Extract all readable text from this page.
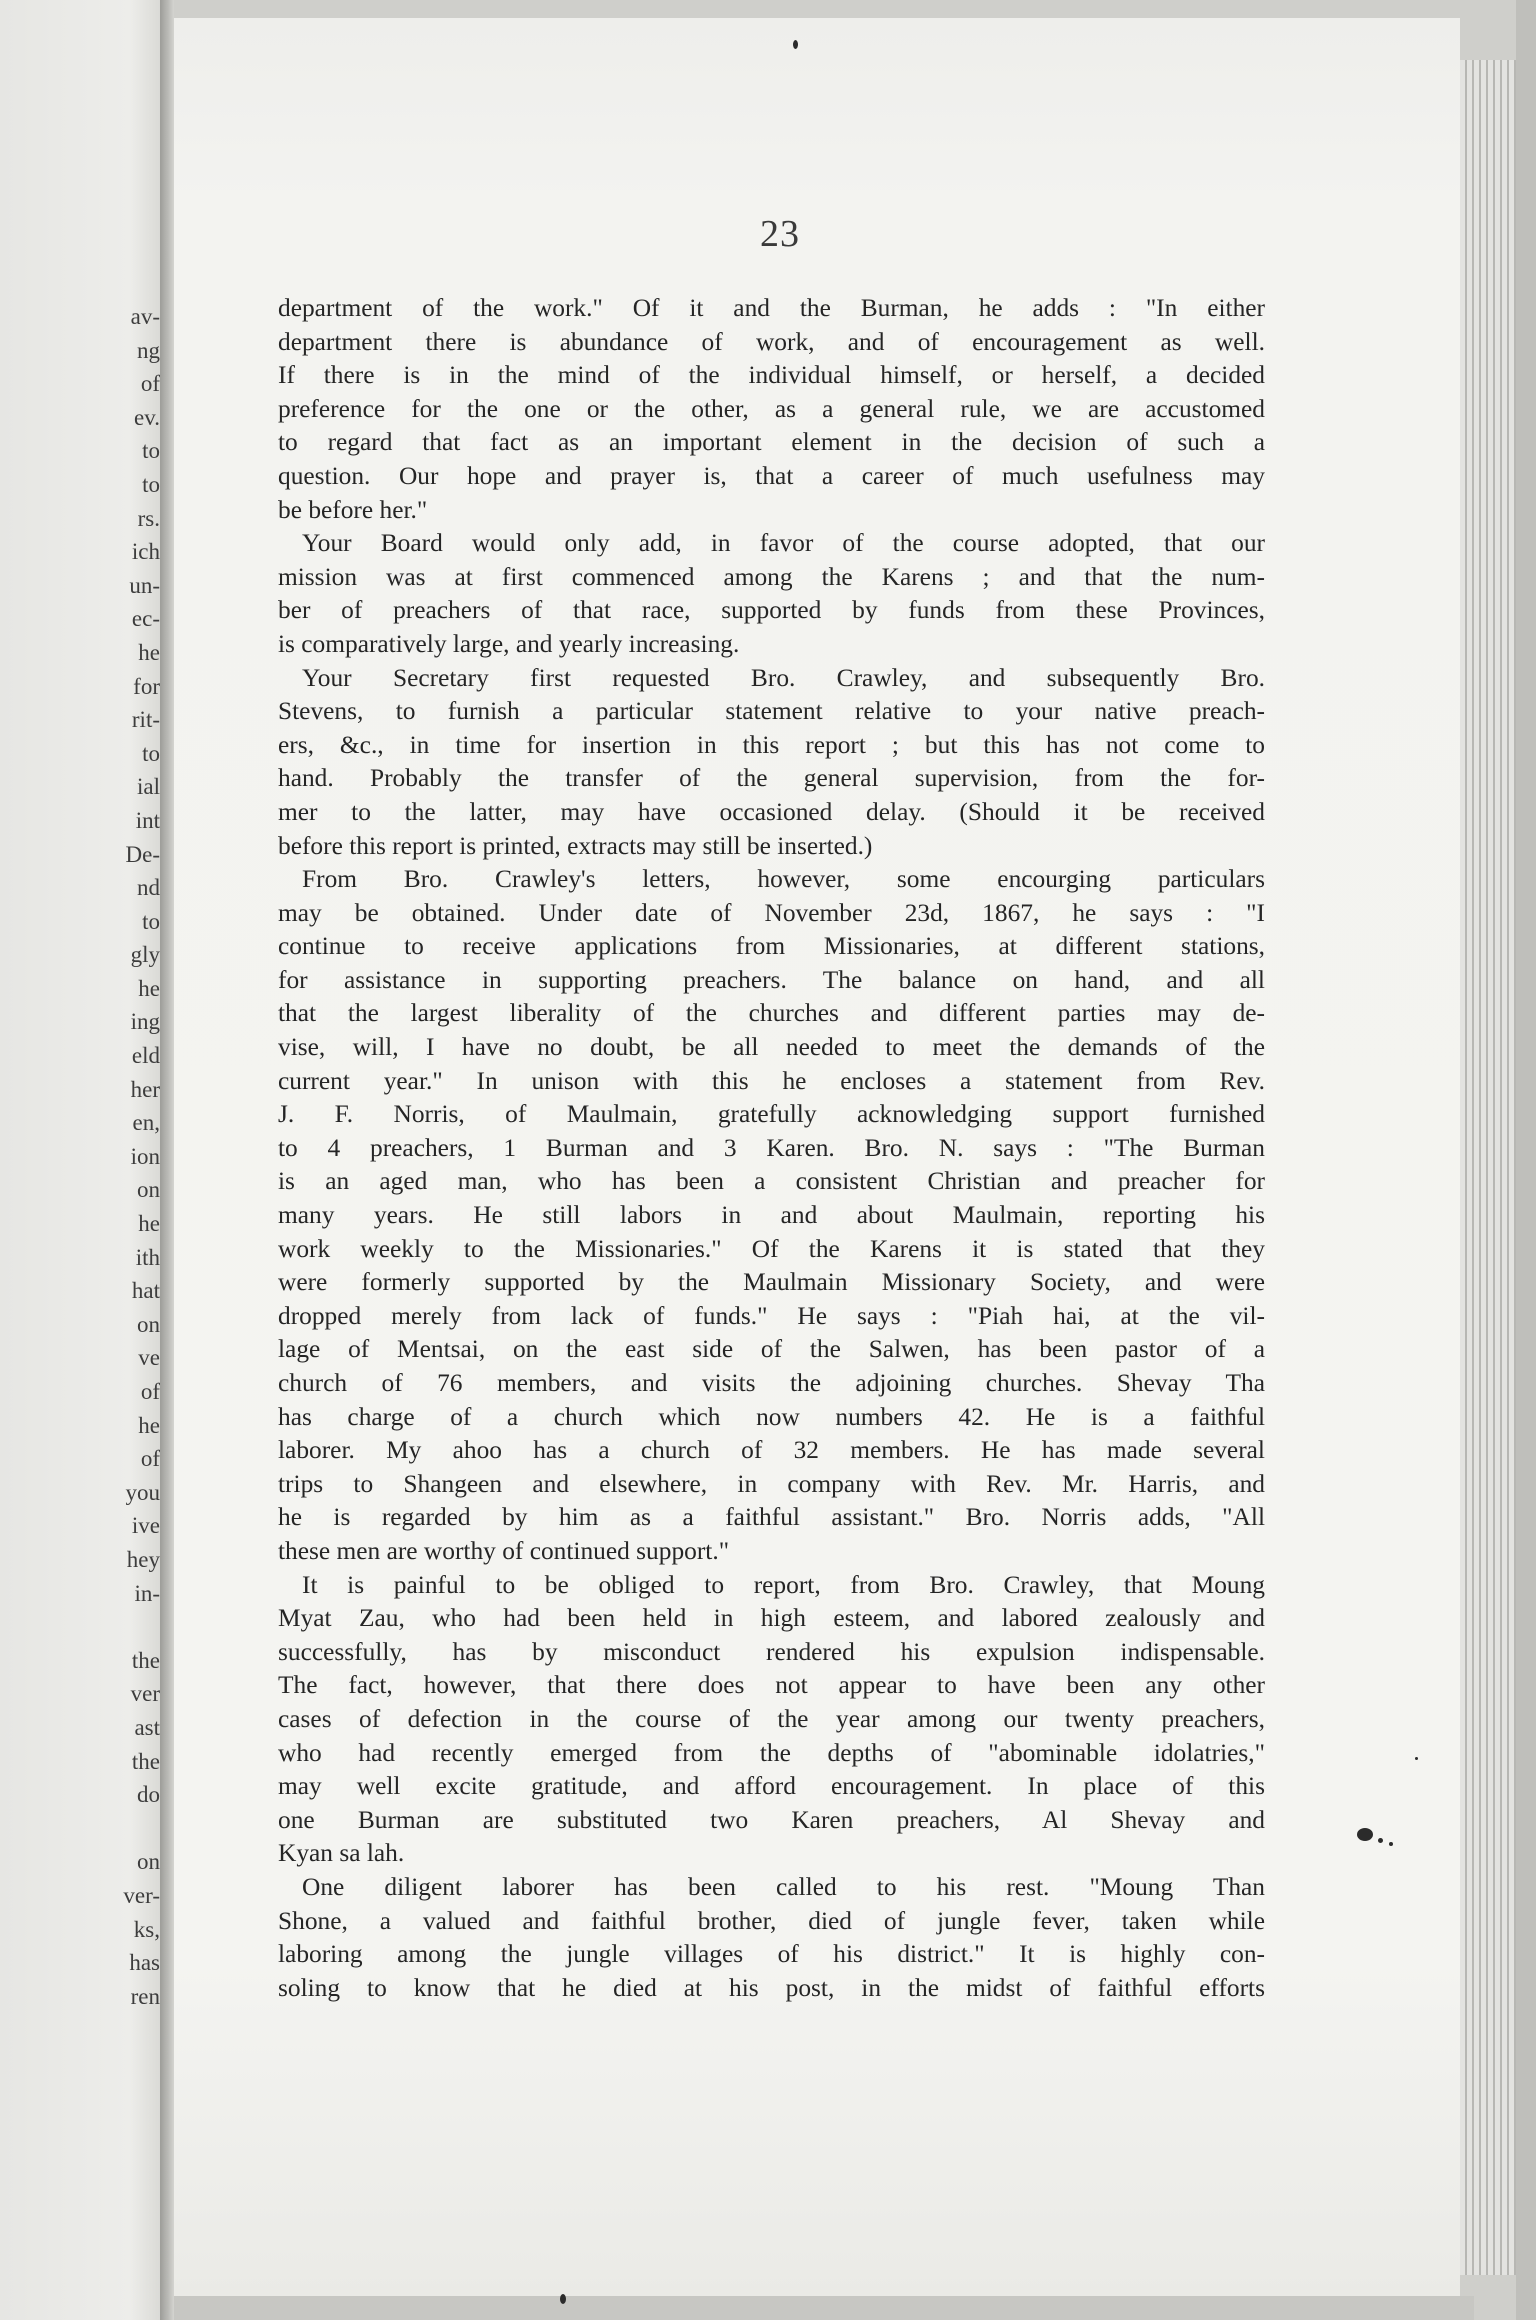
av-
ng
of
ev.
to
to
rs.
ich
un-
ec-
he
for
rit-
to
ial
int
De-
nd
to
gly
he
ing
eld
her
en,
ion
on
he
ith
hat
on
ve
of
he
of
you
ive
hey
in-
the
ver
ast
the
do
on
ver-
ks,
has
ren
23
department of the work." Of it and the Burman, he adds : "In either
department there is abundance of work, and of encouragement as well.
If there is in the mind of the individual himself, or herself, a decided
preference for the one or the other, as a general rule, we are accustomed
to regard that fact as an important element in the decision of such a
question. Our hope and prayer is, that a career of much usefulness may
be before her."
Your Board would only add, in favor of the course adopted, that our
mission was at first commenced among the Karens ; and that the num-
ber of preachers of that race, supported by funds from these Provinces,
is comparatively large, and yearly increasing.
Your Secretary first requested Bro. Crawley, and subsequently Bro.
Stevens, to furnish a particular statement relative to your native preach-
ers, &c., in time for insertion in this report ; but this has not come to
hand. Probably the transfer of the general supervision, from the for-
mer to the latter, may have occasioned delay. (Should it be received
before this report is printed, extracts may still be inserted.)
From Bro. Crawley's letters, however, some encourging particulars
may be obtained. Under date of November 23d, 1867, he says : "I
continue to receive applications from Missionaries, at different stations,
for assistance in supporting preachers. The balance on hand, and all
that the largest liberality of the churches and different parties may de-
vise, will, I have no doubt, be all needed to meet the demands of the
current year." In unison with this he encloses a statement from Rev.
J. F. Norris, of Maulmain, gratefully acknowledging support furnished
to 4 preachers, 1 Burman and 3 Karen. Bro. N. says : "The Burman
is an aged man, who has been a consistent Christian and preacher for
many years. He still labors in and about Maulmain, reporting his
work weekly to the Missionaries." Of the Karens it is stated that they
were formerly supported by the Maulmain Missionary Society, and were
dropped merely from lack of funds." He says : "Piah hai, at the vil-
lage of Mentsai, on the east side of the Salwen, has been pastor of a
church of 76 members, and visits the adjoining churches. Shevay Tha
has charge of a church which now numbers 42. He is a faithful
laborer. My ahoo has a church of 32 members. He has made several
trips to Shangeen and elsewhere, in company with Rev. Mr. Harris, and
he is regarded by him as a faithful assistant." Bro. Norris adds, "All
these men are worthy of continued support."
It is painful to be obliged to report, from Bro. Crawley, that Moung
Myat Zau, who had been held in high esteem, and labored zealously and
successfully, has by misconduct rendered his expulsion indispensable.
The fact, however, that there does not appear to have been any other
cases of defection in the course of the year among our twenty preachers,
who had recently emerged from the depths of "abominable idolatries,"
may well excite gratitude, and afford encouragement. In place of this
one Burman are substituted two Karen preachers, Al Shevay and
Kyan sa lah.
One diligent laborer has been called to his rest. "Moung Than
Shone, a valued and faithful brother, died of jungle fever, taken while
laboring among the jungle villages of his district." It is highly con-
soling to know that he died at his post, in the midst of faithful efforts
